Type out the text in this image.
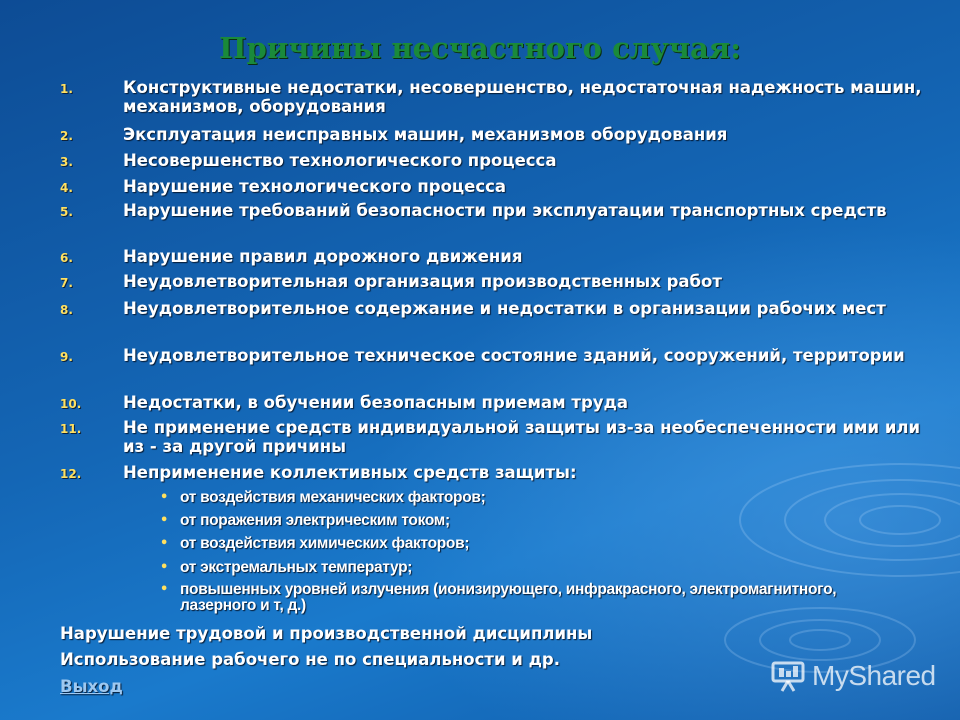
Причины несчастного случая:
1.	Конструктивные недостатки, несовершенство, недостаточная надежность машин, механизмов, оборудования
2.	Эксплуатация неисправных машин, механизмов оборудования
3.	Несовершенство технологического процесса
4.	Нарушение технологического процесса
5.	Нарушение требований безопасности при эксплуатации транспортных средств
6.	Нарушение правил дорожного движения
7.	Неудовлетворительная организация производственных работ
8.	Неудовлетворительное содержание и недостатки в организации рабочих мест
9.	Неудовлетворительное техническое состояние зданий, сооружений, территории
10.	Недостатки, в обучении безопасным приемам труда
11.	Не применение средств индивидуальной защиты из-за необеспеченности ими или из - за другой причины
12.	Неприменение коллективных средств защиты:
• от воздействия механических факторов;
• от поражения электрическим током;
• от воздействия химических факторов;
• от экстремальных температур;
• повышенных уровней излучения (ионизирующего, инфракрасного, электромагнитного, лазерного и т, д.)
Нарушение трудовой и производственной дисциплины
Использование рабочего не по специальности и др.
Выход	MyShared
